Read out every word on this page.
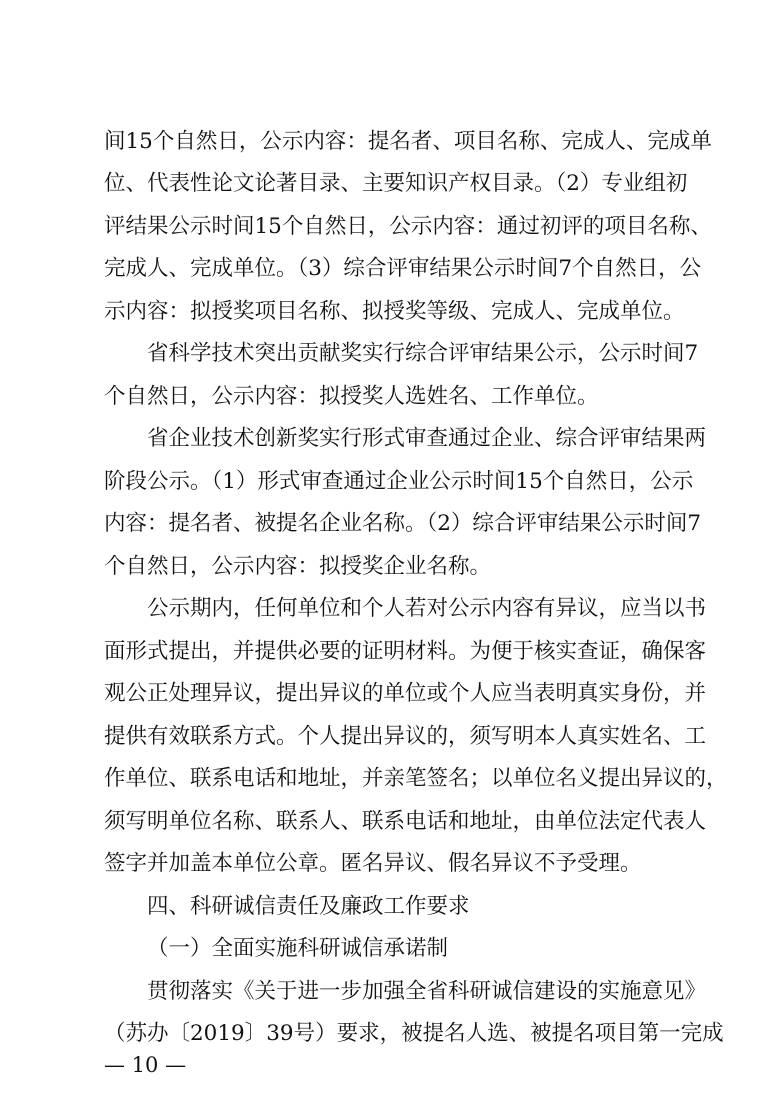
间15个自然日，公示内容：提名者、项目名称、完成人、完成单
位、代表性论文论著目录、主要知识产权目录。（2）专业组初
评结果公示时间15个自然日，公示内容：通过初评的项目名称、
完成人、完成单位。（3）综合评审结果公示时间7个自然日，公
示内容：拟授奖项目名称、拟授奖等级、完成人、完成单位。
省科学技术突出贡献奖实行综合评审结果公示，公示时间7
个自然日，公示内容：拟授奖人选姓名、工作单位。
省企业技术创新奖实行形式审查通过企业、综合评审结果两
阶段公示。（1）形式审查通过企业公示时间15个自然日，公示
内容：提名者、被提名企业名称。（2）综合评审结果公示时间7
个自然日，公示内容：拟授奖企业名称。
公示期内，任何单位和个人若对公示内容有异议，应当以书
面形式提出，并提供必要的证明材料。为便于核实查证，确保客
观公正处理异议，提出异议的单位或个人应当表明真实身份，并
提供有效联系方式。个人提出异议的，须写明本人真实姓名、工
作单位、联系电话和地址，并亲笔签名；以单位名义提出异议的，
须写明单位名称、联系人、联系电话和地址，由单位法定代表人
签字并加盖本单位公章。匿名异议、假名异议不予受理。
四、科研诚信责任及廉政工作要求
（一）全面实施科研诚信承诺制
贯彻落实《关于进一步加强全省科研诚信建设的实施意见》
（苏办〔2019〕39号）要求，被提名人选、被提名项目第一完成
— 10 —
